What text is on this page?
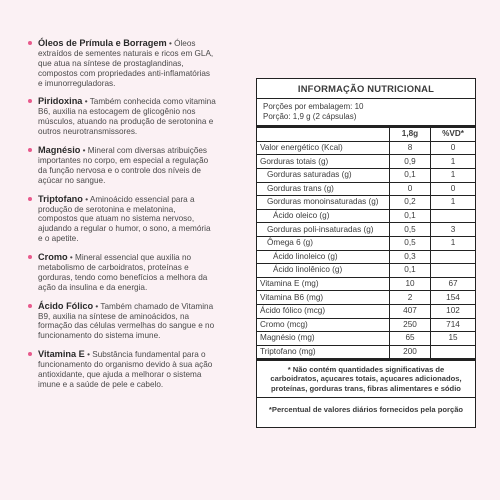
Óleos de Prímula e Borragem • Óleos extraídos de sementes naturais e ricos em GLA, que atua na síntese de prostaglandinas, compostos com propriedades anti-inflamatórias e imunorreguladoras.
Piridoxina • Também conhecida como vitamina B6, auxilia na estocagem de glicogênio nos músculos, atuando na produção de serotonina e outros neurotransmissores.
Magnésio • Mineral com diversas atribuições importantes no corpo, em especial a regulação da função nervosa e o controle dos níveis de açúcar no sangue.
Triptofano • Aminoácido essencial para a produção de serotonina e melatonina, compostos que atuam no sistema nervoso, ajudando a regular o humor, o sono, a memória e o apetite.
Cromo • Mineral essencial que auxilia no metabolismo de carboidratos, proteínas e gorduras, tendo como benefícios a melhora da ação da insulina e da energia.
Ácido Fólico • Também chamado de Vitamina B9, auxilia na síntese de aminoácidos, na formação das células vermelhas do sangue e no funcionamento do sistema imune.
Vitamina E • Substância fundamental para o funcionamento do organismo devido à sua ação antioxidante, que ajuda a melhorar o sistema imune e a saúde de pele e cabelo.
INFORMAÇÃO NUTRICIONAL
Porções por embalagem: 10
Porção: 1,9 g (2 cápsulas)
	1,8g	%VD*
Valor energético (Kcal)	8	0
Gorduras totais (g)	0,9	1
Gorduras saturadas (g)	0,1	1
Gorduras trans (g)	0	0
Gorduras monoinsaturadas (g)	0,2	1
Ácido oleico (g)	0,1	
Gorduras poli-insaturadas (g)	0,5	3
Ômega 6 (g)	0,5	1
Ácido linoleico (g)	0,3	
Ácido linolênico (g)	0,1	
Vitamina E (mg)	10	67
Vitamina B6 (mg)	2	154
Ácido fólico (mcg)	407	102
Cromo (mcg)	250	714
Magnésio (mg)	65	15
Triptofano (mg)	200	
* Não contém quantidades significativas de carboidratos, açucares totais, açucares adicionados, proteínas, gorduras trans, fibras alimentares e sódio
*Percentual de valores diários fornecidos pela porção
